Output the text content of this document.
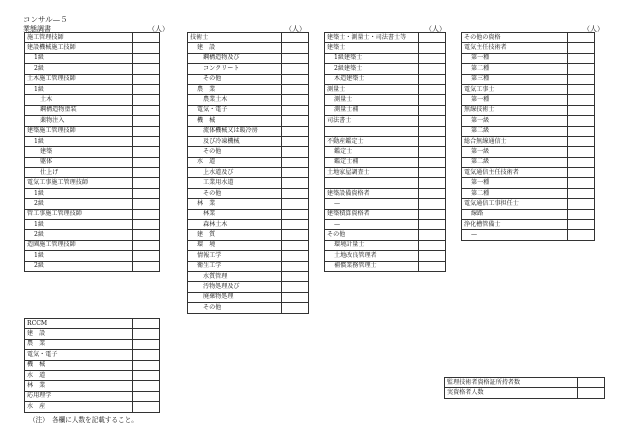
コンサル—５
業態調書	（人）	（人）	（人）	（人）
施工管理技師	
建設機械施工技師	
1級	
2級	
土木施工管理技師	
1級	
土木	
鋼構造物塗装	
薬物注入	
建築施工管理技師	
1級	
建築	
躯体	
仕上げ	
電気工事施工管理技師	
1級	
2級	
管工事施工管理技師	
1級	
2級	
造園施工管理技師	
1級	
2級	
RCCM	
建　設	
農　業	
電気・電子	
機　械	
水　道	
林　業	
応用理学	
水　産	
技術士	
建　設	
鋼構造物及び	
コンクリート	
その他	
農　業	
農業土木	
電気・電子	
機　械	
流体機械又は暖冷房	
及び冷凍機械	
その他	
水　道	
上水道及び	
工業用水道	
その他	
林　業	
林業	
森林土木	
建　質	
環　境	
情報工学	
衛生工学	
水質管理	
汚物処理及び	
廃棄物処理	
その他	
建築士・測量士・司法書士等	
建築士	
1級建築士	
2級建築士	
木造建築士	
測量士	
測量士	
測量士補	
司法書士	

不動産鑑定士	
鑑定士	
鑑定士補	
土地家屋調査士	

建築設備資格者	
—	
建築積算資格者	
—	
その他	
環境計量士	
土地改良管理者	
補償業務管理士	
その他の資格	
電気主任技術者	
第一種	
第二種	
第三種	
電気工事士	
第一種	
無線技術士	
第一級	
第二級	
総合無線通信士	
第一級	
第二級	
電気通信主任技術者	
第一種	
第二種	
電気通信工事担任士	
線路	
浄化槽管備士	
—	
監理技術者資格証所持者数	
実資格者人数	
（注）　各欄に人数を記載すること。
